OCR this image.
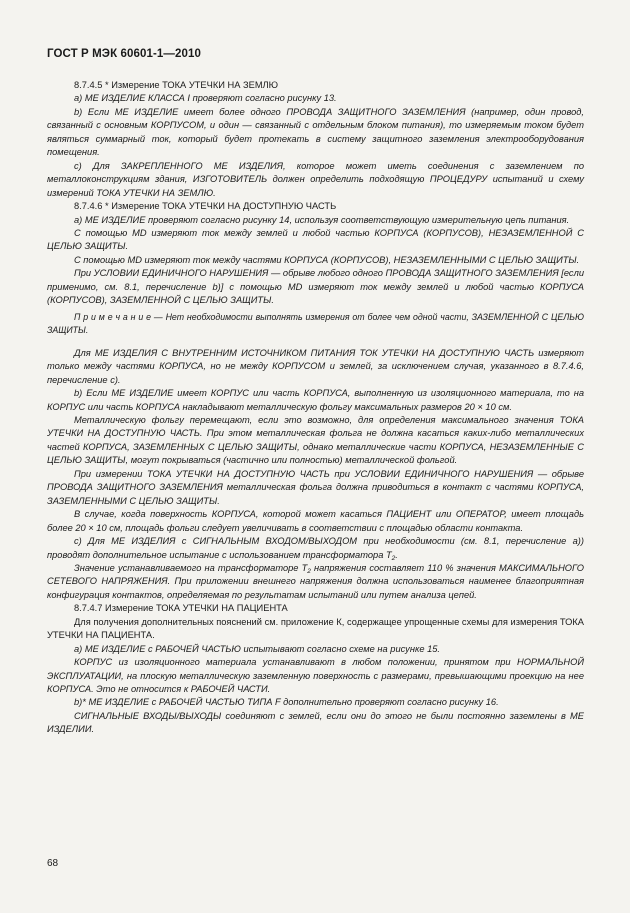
ГОСТ Р МЭК 60601-1—2010

8.7.4.5 * Измерение ТОКА УТЕЧКИ НА ЗЕМЛЮ

а) МЕ ИЗДЕЛИЕ КЛАССА I проверяют согласно рисунку 13.

b) Если МЕ ИЗДЕЛИЕ имеет более одного ПРОВОДА ЗАЩИТНОГО ЗАЗЕМЛЕНИЯ (например, один провод, связанный с основным КОРПУСОМ, и один — связанный с отдельным блоком питания), то измеряемым током будет являться суммарный ток, который будет протекать в систему защитного заземления электрооборудования помещения.

c) Для ЗАКРЕПЛЕННОГО МЕ ИЗДЕЛИЯ, которое может иметь соединения с заземлением по металлоконструкциям здания, ИЗГОТОВИТЕЛЬ должен определить подходящую ПРОЦЕДУРУ испытаний и схему измерений ТОКА УТЕЧКИ НА ЗЕМЛЮ.

8.7.4.6 * Измерение ТОКА УТЕЧКИ НА ДОСТУПНУЮ ЧАСТЬ

а) МЕ ИЗДЕЛИЕ проверяют согласно рисунку 14, используя соответствующую измерительную цепь питания.

С помощью MD измеряют ток между землей и любой частью КОРПУСА (КОРПУСОВ), НЕЗАЗЕМЛЕННОЙ С ЦЕЛЬЮ ЗАЩИТЫ.

С помощью MD измеряют ток между частями КОРПУСА (КОРПУСОВ), НЕЗАЗЕМЛЕННЫМИ С ЦЕЛЬЮ ЗАЩИТЫ.

При УСЛОВИИ ЕДИНИЧНОГО НАРУШЕНИЯ — обрыве любого одного ПРОВОДА ЗАЩИТНОГО ЗАЗЕМЛЕНИЯ [если применимо, см. 8.1, перечисление b)] с помощью MD измеряют ток между землей и любой частью КОРПУСА (КОРПУСОВ), ЗАЗЕМЛЕННОЙ С ЦЕЛЬЮ ЗАЩИТЫ.

П р и м е ч а н и е — Нет необходимости выполнять измерения от более чем одной части, ЗАЗЕМЛЕННОЙ С ЦЕЛЬЮ ЗАЩИТЫ.

Для МЕ ИЗДЕЛИЯ С ВНУТРЕННИМ ИСТОЧНИКОМ ПИТАНИЯ ТОК УТЕЧКИ НА ДОСТУПНУЮ ЧАСТЬ измеряют только между частями КОРПУСА, но не между КОРПУСОМ и землей, за исключением случая, указанного в 8.7.4.6, перечисление с).

b) Если МЕ ИЗДЕЛИЕ имеет КОРПУС или часть КОРПУСА, выполненную из изоляционного материала, то на КОРПУС или часть КОРПУСА накладывают металлическую фольгу максимальных размеров 20 × 10 см.

Металлическую фольгу перемещают, если это возможно, для определения максимального значения ТОКА УТЕЧКИ НА ДОСТУПНУЮ ЧАСТЬ. При этом металлическая фольга не должна касаться каких-либо металлических частей КОРПУСА, ЗАЗЕМЛЕННЫХ С ЦЕЛЬЮ ЗАЩИТЫ, однако металлические части КОРПУСА, НЕЗАЗЕМЛЕННЫЕ С ЦЕЛЬЮ ЗАЩИТЫ, могут покрываться (частично или полностью) металлической фольгой.

При измерении ТОКА УТЕЧКИ НА ДОСТУПНУЮ ЧАСТЬ при УСЛОВИИ ЕДИНИЧНОГО НАРУШЕНИЯ — обрыве ПРОВОДА ЗАЩИТНОГО ЗАЗЕМЛЕНИЯ металлическая фольга должна приводиться в контакт с частями КОРПУСА, ЗАЗЕМЛЕННЫМИ С ЦЕЛЬЮ ЗАЩИТЫ.

В случае, когда поверхность КОРПУСА, которой может касаться ПАЦИЕНТ или ОПЕРАТОР, имеет площадь более 20 × 10 см, площадь фольги следует увеличивать в соответствии с площадью области контакта.

c) Для МЕ ИЗДЕЛИЯ с СИГНАЛЬНЫМ ВХОДОМ/ВЫХОДОМ при необходимости (см. 8.1, перечисление а)) проводят дополнительное испытание с использованием трансформатора $T_2$.

Значение устанавливаемого на трансформаторе $T_2$ напряжения составляет 110 % значения МАКСИМАЛЬНОГО СЕТЕВОГО НАПРЯЖЕНИЯ. При приложении внешнего напряжения должна использоваться наименее благоприятная конфигурация контактов, определяемая по результатам испытаний или путем анализа цепей.

8.7.4.7 Измерение ТОКА УТЕЧКИ НА ПАЦИЕНТА

Для получения дополнительных пояснений см. приложение К, содержащее упрощенные схемы для измерения ТОКА УТЕЧКИ НА ПАЦИЕНТА.

а) МЕ ИЗДЕЛИЕ с РАБОЧЕЙ ЧАСТЬЮ испытывают согласно схеме на рисунке 15.

КОРПУС из изоляционного материала устанавливают в любом положении, принятом при НОРМАЛЬНОЙ ЭКСПЛУАТАЦИИ, на плоскую металлическую заземленную поверхность с размерами, превышающими проекцию на нее КОРПУСА. Это не относится к РАБОЧЕЙ ЧАСТИ.

b)* МЕ ИЗДЕЛИЕ с РАБОЧЕЙ ЧАСТЬЮ ТИПА F дополнительно проверяют согласно рисунку 16.

СИГНАЛЬНЫЕ ВХОДЫ/ВЫХОДЫ соединяют с землей, если они до этого не были постоянно заземлены в МЕ ИЗДЕЛИИ.

68
